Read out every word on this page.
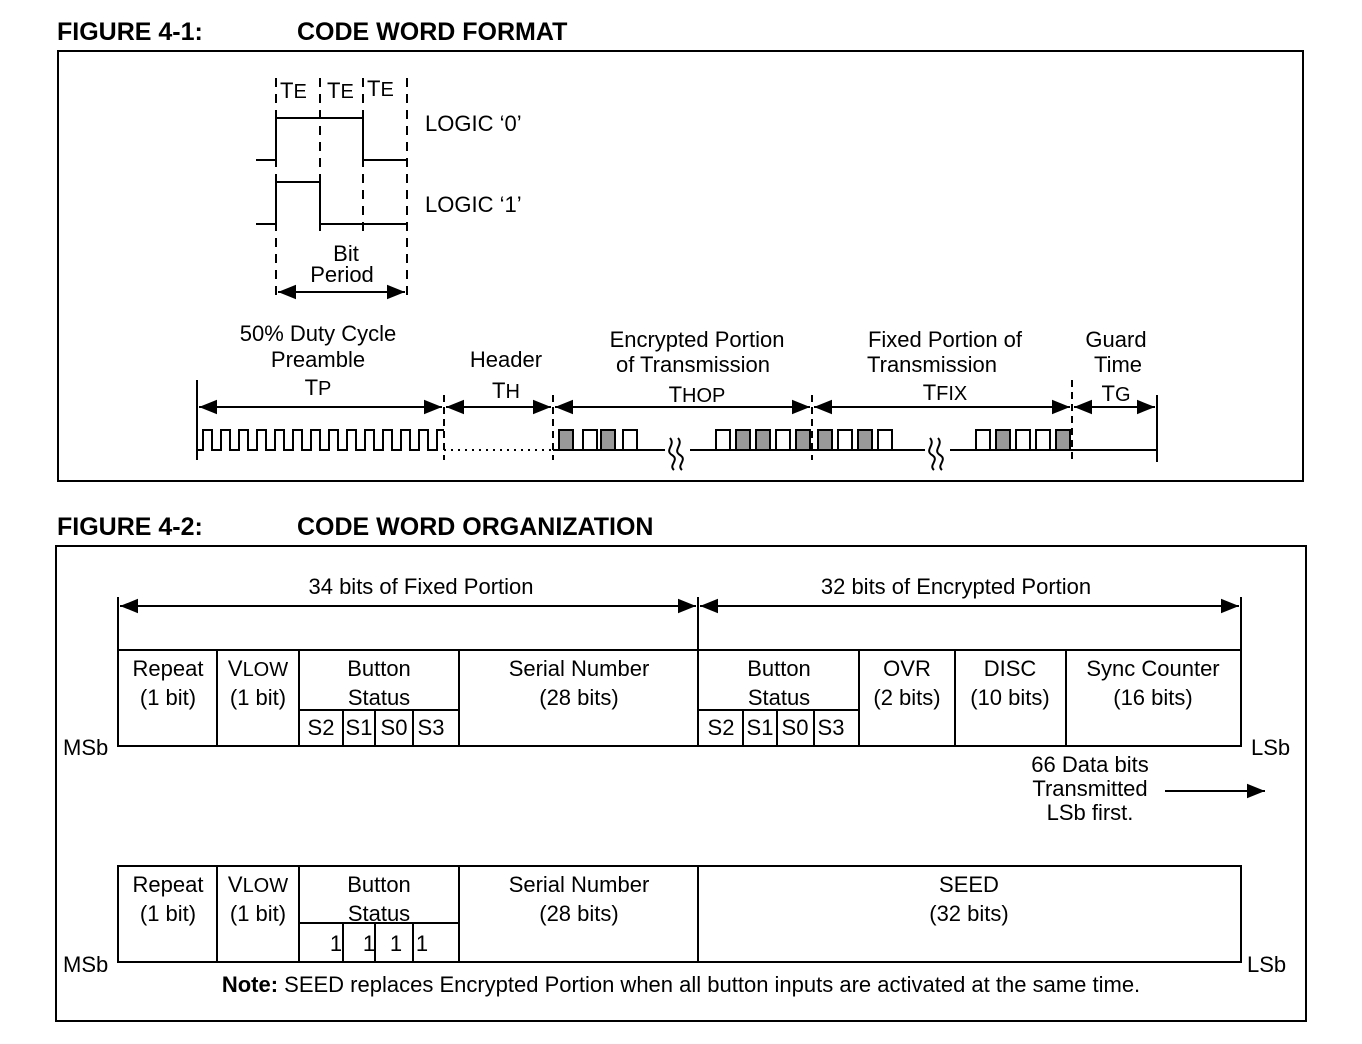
FIGURE 4-1:	CODE WORD FORMAT
FIGURE 4-2:	CODE WORD ORGANIZATION
TE TE TE
LOGIC ‘0’
LOGIC ‘1’
Bit
Period
50% Duty Cycle
Preamble
TP
Header
TH
Encrypted Portion
of Transmission
THOP
Fixed Portion of
Transmission
TFIX
Guard
Time
TG
34 bits of Fixed Portion	32 bits of Encrypted Portion
Repeat
(1 bit)
VLOW
(1 bit)
Button
Status
S2 S1 S0 S3
Serial Number
(28 bits)
Button
Status
S2 S1 S0 S3
OVR
(2 bits)
DISC
(10 bits)
Sync Counter
(16 bits)
MSb	LSb
66 Data bits
Transmitted
LSb first.
Repeat
(1 bit)
VLOW
(1 bit)
Button
Status
1 1 1 1
Serial Number
(28 bits)
SEED
(32 bits)
MSb	LSb
Note: SEED replaces Encrypted Portion when all button inputs are activated at the same time.
